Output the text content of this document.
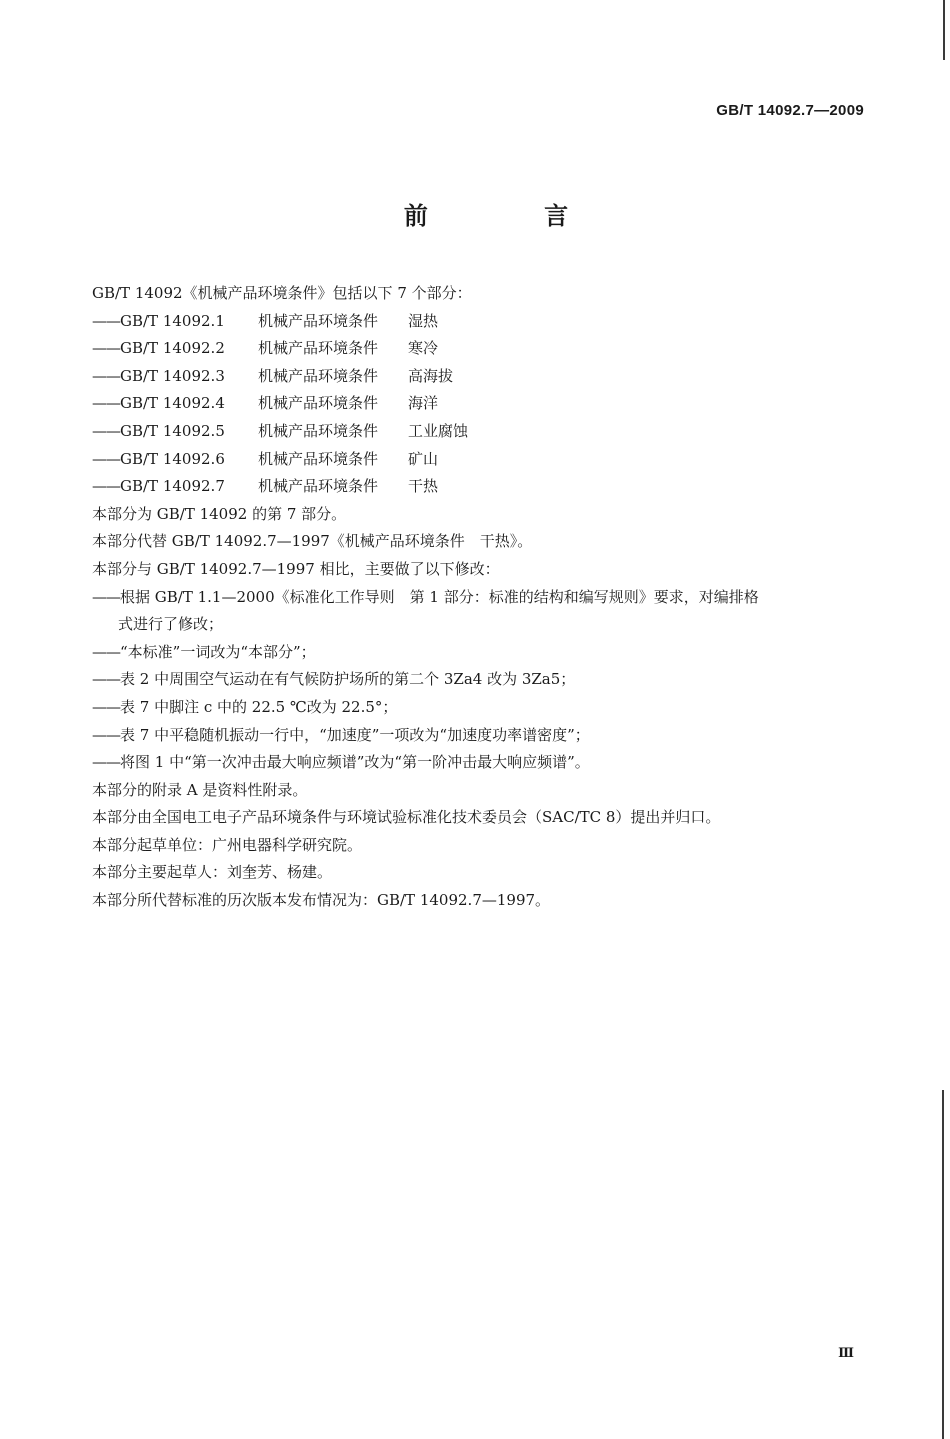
GB/T 14092.7—2009
前 言
GB/T 14092《机械产品环境条件》包括以下 7 个部分：
——GB/T 14092.1 机械产品环境条件 湿热
——GB/T 14092.2 机械产品环境条件 寒冷
——GB/T 14092.3 机械产品环境条件 高海拔
——GB/T 14092.4 机械产品环境条件 海洋
——GB/T 14092.5 机械产品环境条件 工业腐蚀
——GB/T 14092.6 机械产品环境条件 矿山
——GB/T 14092.7 机械产品环境条件 干热
本部分为 GB/T 14092 的第 7 部分。
本部分代替 GB/T 14092.7—1997《机械产品环境条件　干热》。
本部分与 GB/T 14092.7—1997 相比，主要做了以下修改：
——根据 GB/T 1.1—2000《标准化工作导则　第 1 部分：标准的结构和编写规则》要求，对编排格
式进行了修改；
——“本标准”一词改为“本部分”；
——表 2 中周围空气运动在有气候防护场所的第二个 3Za4 改为 3Za5；
——表 7 中脚注 c 中的 22.5 ℃改为 22.5°；
——表 7 中平稳随机振动一行中，“加速度”一项改为“加速度功率谱密度”；
——将图 1 中“第一次冲击最大响应频谱”改为“第一阶冲击最大响应频谱”。
本部分的附录 A 是资料性附录。
本部分由全国电工电子产品环境条件与环境试验标准化技术委员会（SAC/TC 8）提出并归口。
本部分起草单位：广州电器科学研究院。
本部分主要起草人：刘奎芳、杨建。
本部分所代替标准的历次版本发布情况为：GB/T 14092.7—1997。
Ⅲ
